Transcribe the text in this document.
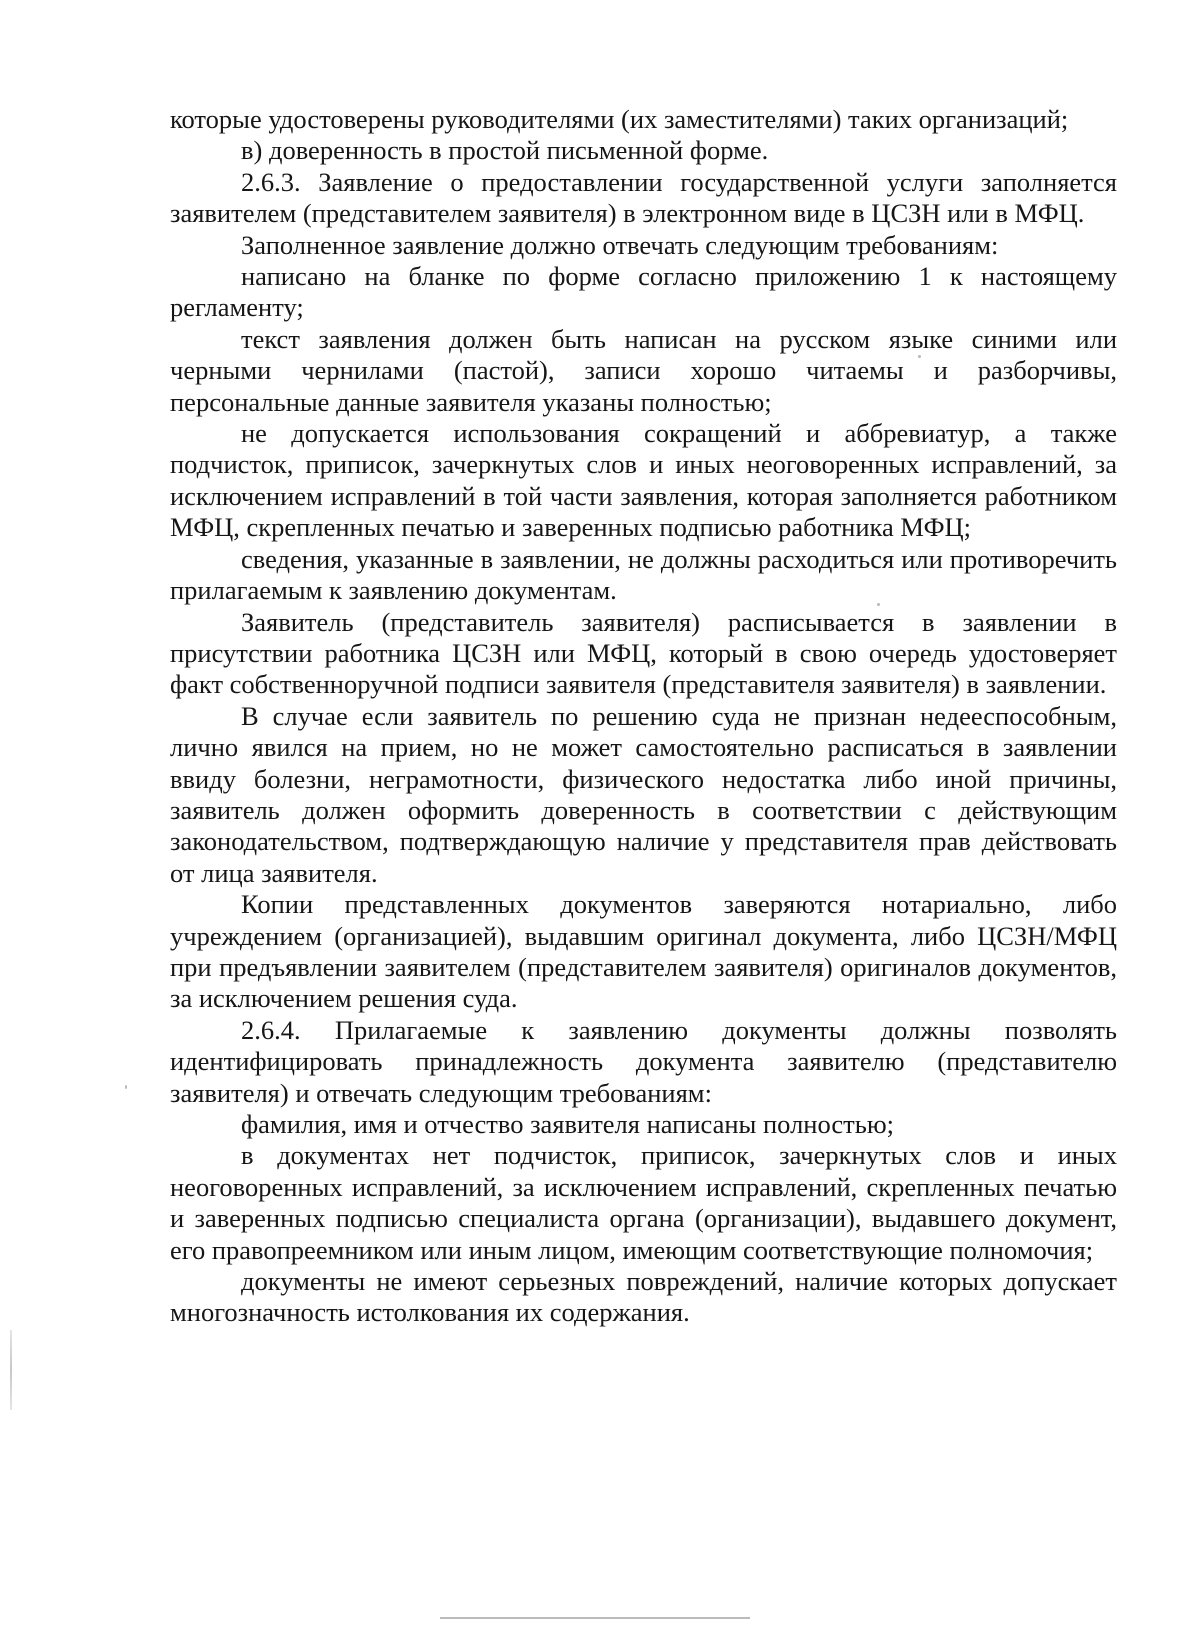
которые удостоверены руководителями (их заместителями) таких организаций;

в) доверенность в простой письменной форме.

2.6.3. Заявление о предоставлении государственной услуги заполняется заявителем (представителем заявителя) в электронном виде в ЦСЗН или в МФЦ.

Заполненное заявление должно отвечать следующим требованиям:

написано на бланке по форме согласно приложению 1 к настоящему регламенту;

текст заявления должен быть написан на русском языке синими или черными чернилами (пастой), записи хорошо читаемы и разборчивы, персональные данные заявителя указаны полностью;

не допускается использования сокращений и аббревиатур, а также подчисток, приписок, зачеркнутых слов и иных неоговоренных исправлений, за исключением исправлений в той части заявления, которая заполняется работником МФЦ, скрепленных печатью и заверенных подписью работника МФЦ;

сведения, указанные в заявлении, не должны расходиться или противоречить прилагаемым к заявлению документам.

Заявитель (представитель заявителя) расписывается в заявлении в присутствии работника ЦСЗН или МФЦ, который в свою очередь удостоверяет факт собственноручной подписи заявителя (представителя заявителя) в заявлении.

В случае если заявитель по решению суда не признан недееспособным, лично явился на прием, но не может самостоятельно расписаться в заявлении ввиду болезни, неграмотности, физического недостатка либо иной причины, заявитель должен оформить доверенность в соответствии с действующим законодательством, подтверждающую наличие у представителя прав действовать от лица заявителя.

Копии представленных документов заверяются нотариально, либо учреждением (организацией), выдавшим оригинал документа, либо ЦСЗН/МФЦ при предъявлении заявителем (представителем заявителя) оригиналов документов, за исключением решения суда.

2.6.4. Прилагаемые к заявлению документы должны позволять идентифицировать принадлежность документа заявителю (представителю заявителя) и отвечать следующим требованиям:

фамилия, имя и отчество заявителя написаны полностью;

в документах нет подчисток, приписок, зачеркнутых слов и иных неоговоренных исправлений, за исключением исправлений, скрепленных печатью и заверенных подписью специалиста органа (организации), выдавшего документ, его правопреемником или иным лицом, имеющим соответствующие полномочия;

документы не имеют серьезных повреждений, наличие которых допускает многозначность истолкования их содержания.
